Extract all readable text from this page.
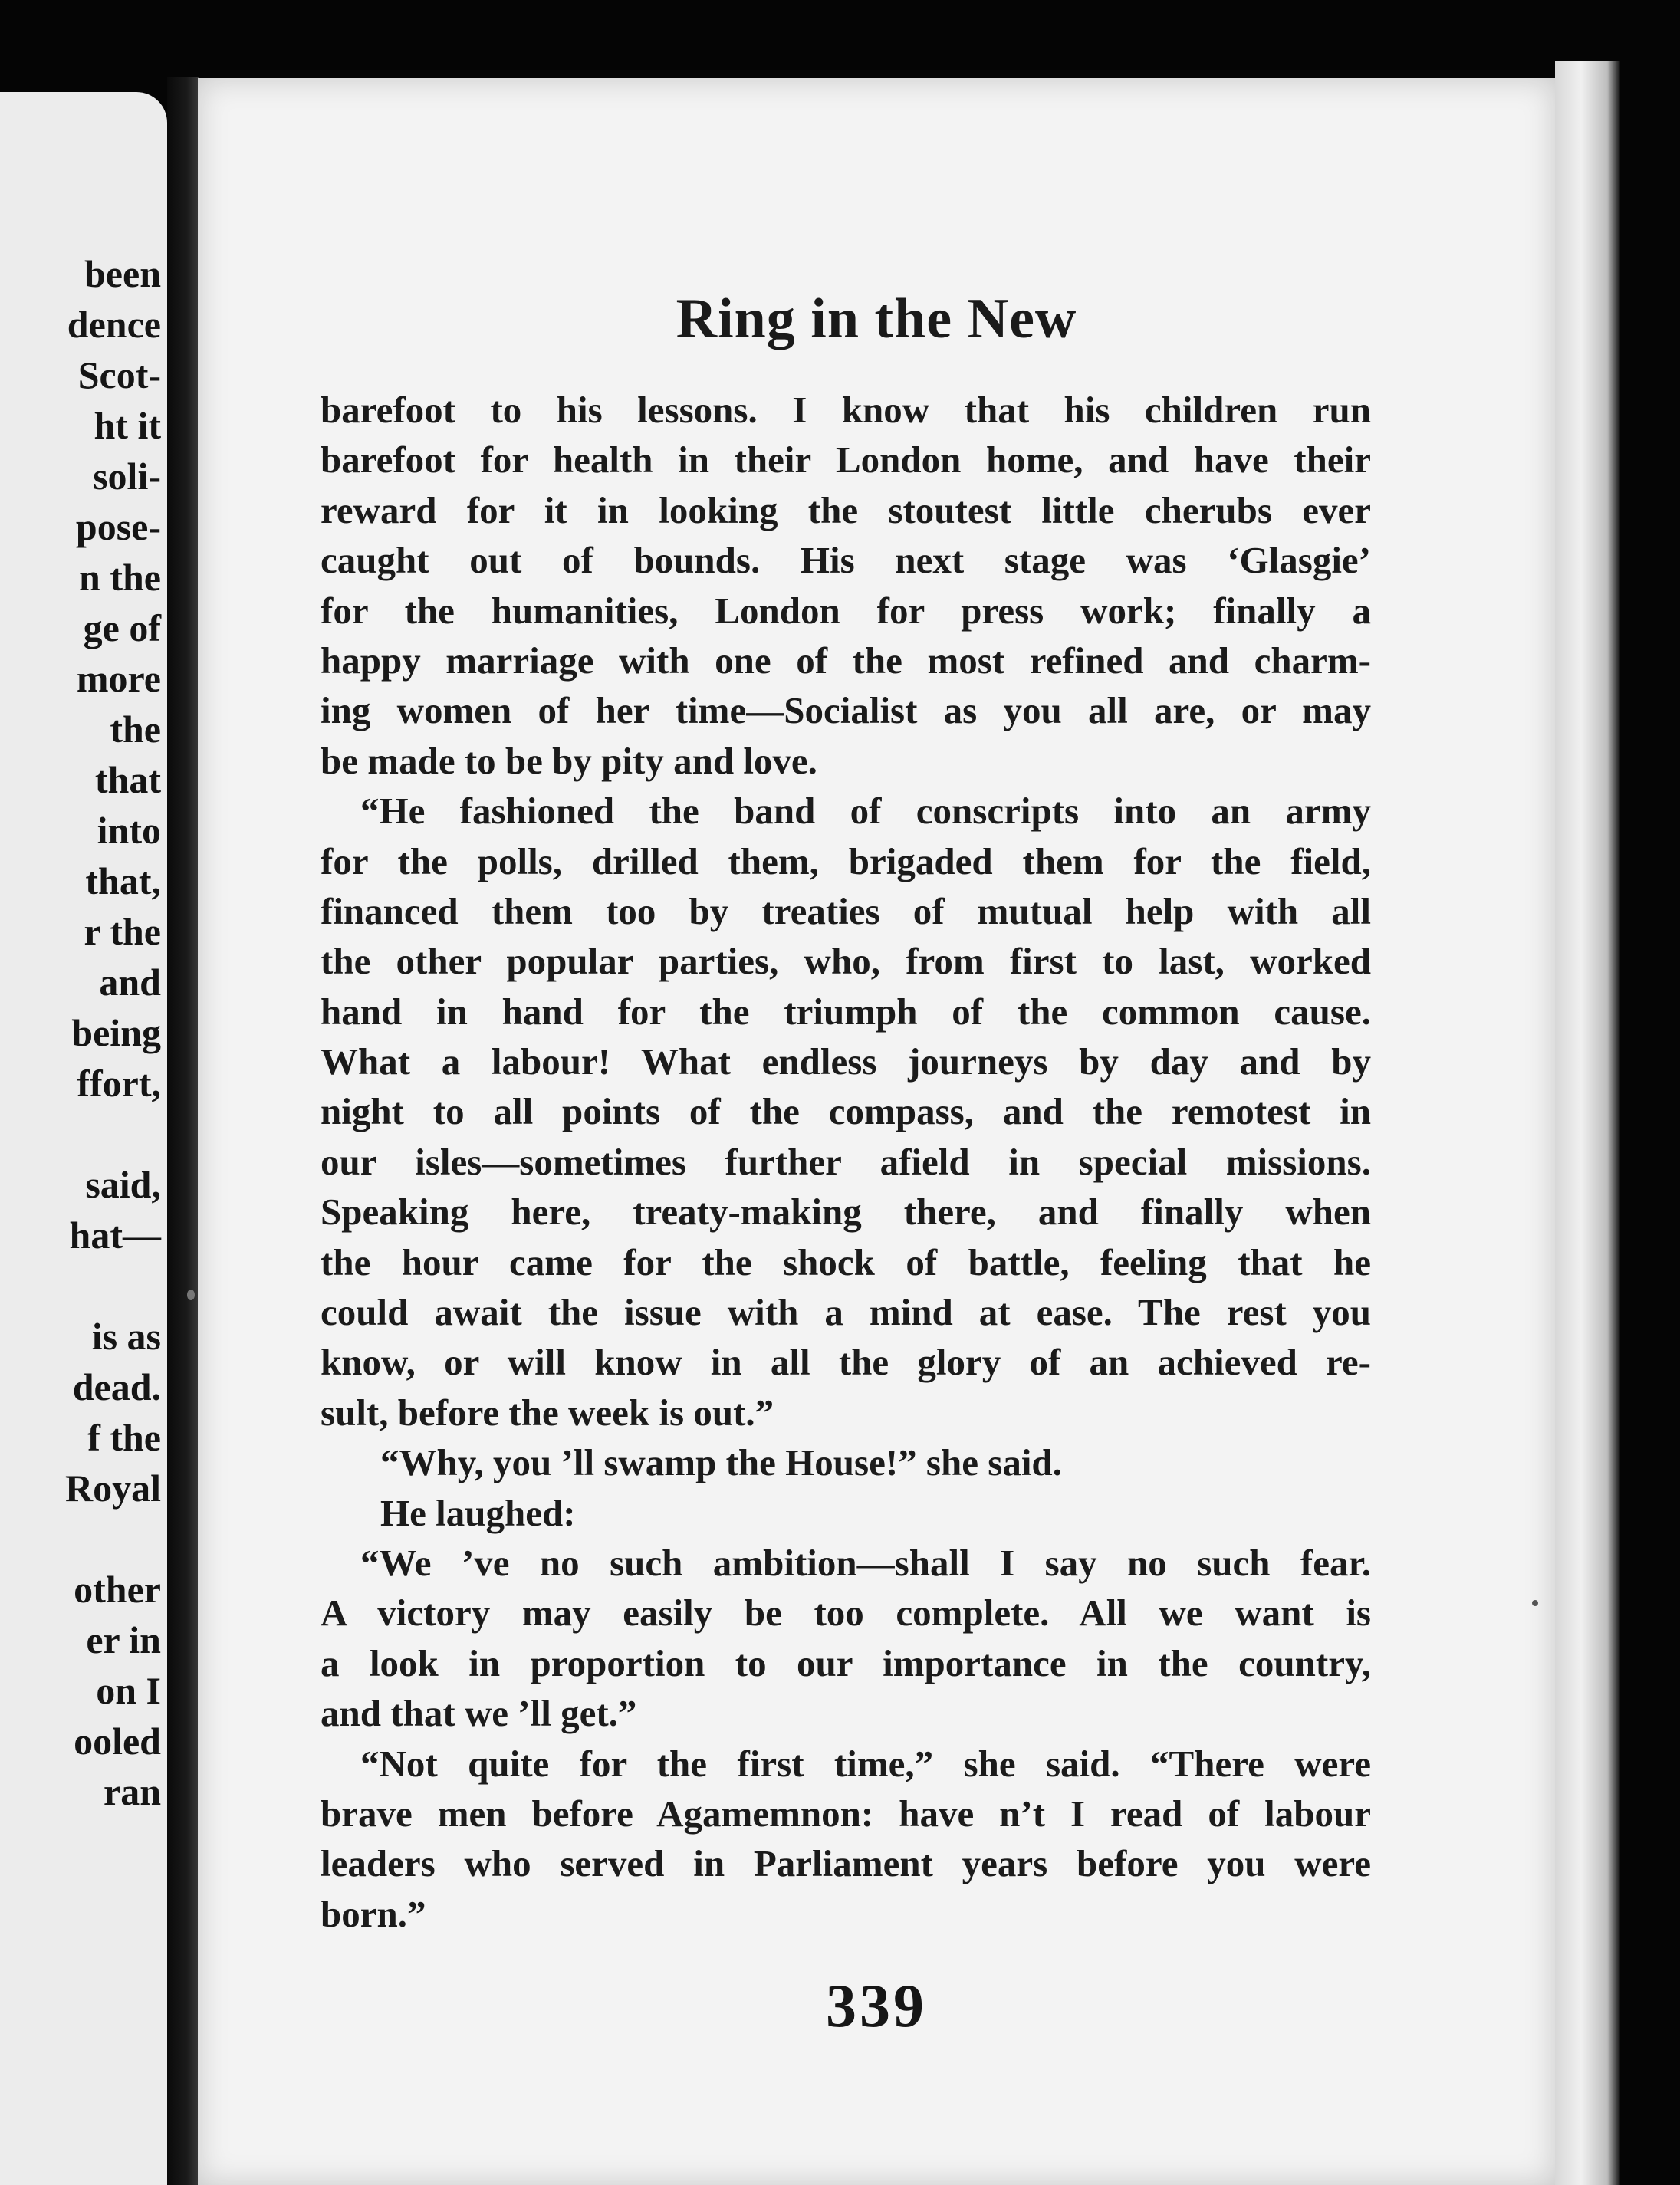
been
dence
Scot-
ht it
soli-
pose-
n the
ge of
more
the
that
into
that,
r the
and
being
ffort,
said,
hat—
is as
dead.
f the
Royal
other
er in
on I
ooled
ran
Ring in the New
barefoot to his lessons. I know that his children run
barefoot for health in their London home, and have their
reward for it in looking the stoutest little cherubs ever
caught out of bounds. His next stage was ‘Glasgie’
for the humanities, London for press work; finally a
happy marriage with one of the most refined and charm-
ing women of her time—Socialist as you all are, or may
be made to be by pity and love.
“He fashioned the band of conscripts into an army
for the polls, drilled them, brigaded them for the field,
financed them too by treaties of mutual help with all
the other popular parties, who, from first to last, worked
hand in hand for the triumph of the common cause.
What a labour! What endless journeys by day and by
night to all points of the compass, and the remotest in
our isles—sometimes further afield in special missions.
Speaking here, treaty-making there, and finally when
the hour came for the shock of battle, feeling that he
could await the issue with a mind at ease. The rest you
know, or will know in all the glory of an achieved re-
sult, before the week is out.”
“Why, you ’ll swamp the House!” she said.
He laughed:
“We ’ve no such ambition—shall I say no such fear.
A victory may easily be too complete. All we want is
a look in proportion to our importance in the country,
and that we ’ll get.”
“Not quite for the first time,” she said. “There were
brave men before Agamemnon: have n’t I read of labour
leaders who served in Parliament years before you were
born.”
339
